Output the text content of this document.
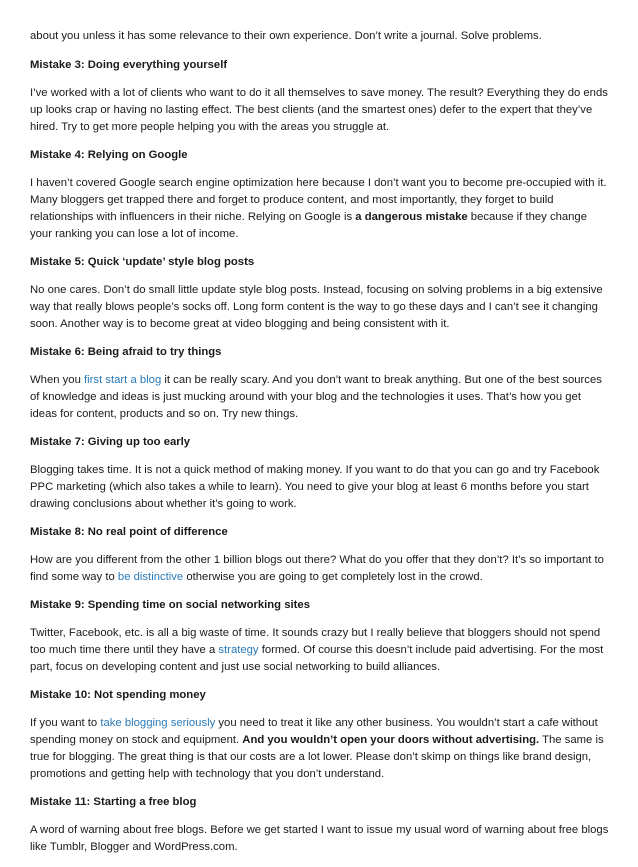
about you unless it has some relevance to their own experience. Don’t write a journal. Solve problems.

Mistake 3: Doing everything yourself

I’ve worked with a lot of clients who want to do it all themselves to save money. The result? Everything they do ends up looks crap or having no lasting effect. The best clients (and the smartest ones) defer to the expert that they’ve hired. Try to get more people helping you with the areas you struggle at.

Mistake 4: Relying on Google

I haven’t covered Google search engine optimization here because I don’t want you to become pre-occupied with it. Many bloggers get trapped there and forget to produce content, and most importantly, they forget to build relationships with influencers in their niche. Relying on Google is a dangerous mistake because if they change your ranking you can lose a lot of income.

Mistake 5: Quick ‘update’ style blog posts

No one cares. Don’t do small little update style blog posts. Instead, focusing on solving problems in a big extensive way that really blows people’s socks off. Long form content is the way to go these days and I can’t see it changing soon. Another way is to become great at video blogging and being consistent with it.

Mistake 6: Being afraid to try things

When you first start a blog it can be really scary. And you don’t want to break anything. But one of the best sources of knowledge and ideas is just mucking around with your blog and the technologies it uses. That’s how you get ideas for content, products and so on. Try new things.

Mistake 7: Giving up too early

Blogging takes time. It is not a quick method of making money. If you want to do that you can go and try Facebook PPC marketing (which also takes a while to learn). You need to give your blog at least 6 months before you start drawing conclusions about whether it’s going to work.

Mistake 8: No real point of difference

How are you different from the other 1 billion blogs out there? What do you offer that they don’t? It’s so important to find some way to be distinctive otherwise you are going to get completely lost in the crowd.

Mistake 9: Spending time on social networking sites

Twitter, Facebook, etc. is all a big waste of time. It sounds crazy but I really believe that bloggers should not spend too much time there until they have a strategy formed. Of course this doesn’t include paid advertising. For the most part, focus on developing content and just use social networking to build alliances.

Mistake 10: Not spending money

If you want to take blogging seriously you need to treat it like any other business. You wouldn’t start a cafe without spending money on stock and equipment. And you wouldn’t open your doors without advertising. The same is true for blogging. The great thing is that our costs are a lot lower. Please don’t skimp on things like brand design, promotions and getting help with technology that you don’t understand.

Mistake 11: Starting a free blog

A word of warning about free blogs. Before we get started I want to issue my usual word of warning about free blogs like Tumblr, Blogger and WordPress.com.
